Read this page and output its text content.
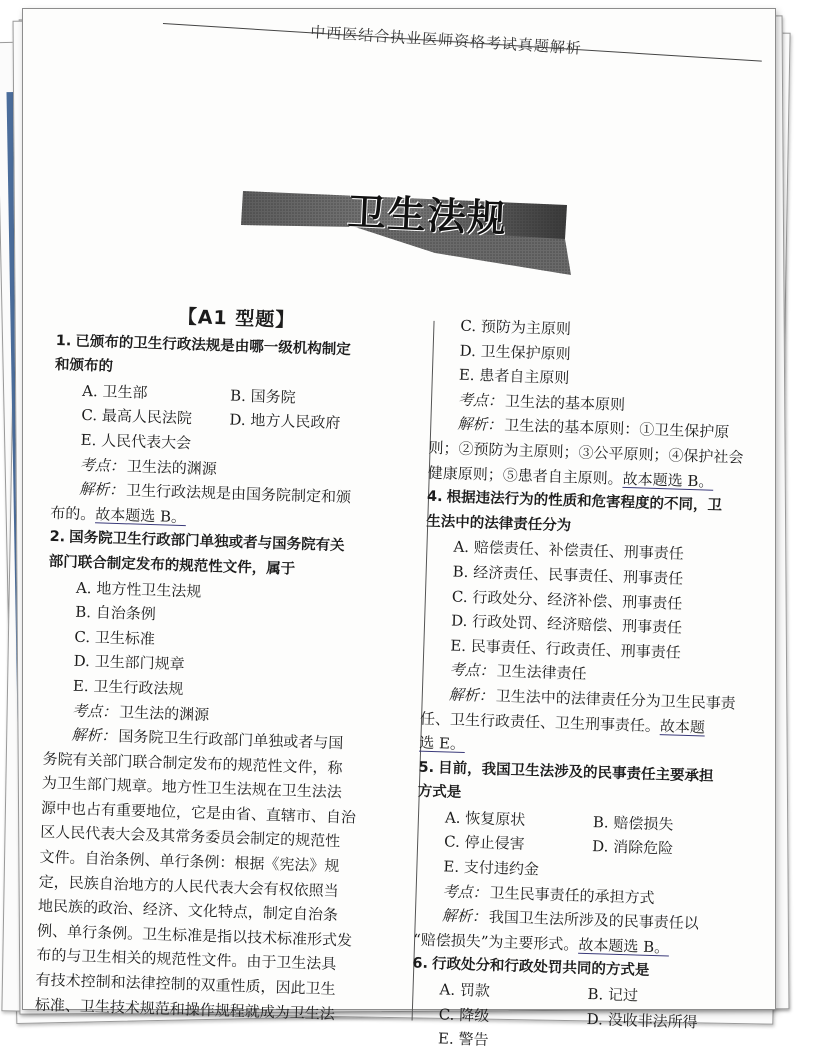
中西医结合执业医师资格考试真题解析
卫生法规
【A1 型题】
1. 已颁布的卫生行政法规是由哪一级机构制定
和颁布的
A. 卫生部	B. 国务院
C. 最高人民法院	D. 地方人民政府
E. 人民代表大会
考点：卫生法的渊源
解析：卫生行政法规是由国务院制定和颁
布的。故本题选 B。
2. 国务院卫生行政部门单独或者与国务院有关
部门联合制定发布的规范性文件，属于
A. 地方性卫生法规
B. 自治条例
C. 卫生标准
D. 卫生部门规章
E. 卫生行政法规
考点：卫生法的渊源
解析：国务院卫生行政部门单独或者与国
务院有关部门联合制定发布的规范性文件，称
为卫生部门规章。地方性卫生法规在卫生法法
源中也占有重要地位，它是由省、直辖市、自治
区人民代表大会及其常务委员会制定的规范性
文件。自治条例、单行条例：根据《宪法》规
定，民族自治地方的人民代表大会有权依照当
地民族的政治、经济、文化特点，制定自治条
例、单行条例。卫生标准是指以技术标准形式发
布的与卫生相关的规范性文件。由于卫生法具
有技术控制和法律控制的双重性质，因此卫生
标准、卫生技术规范和操作规程就成为卫生法
C. 预防为主原则
D. 卫生保护原则
E. 患者自主原则
考点：卫生法的基本原则
解析：卫生法的基本原则：①卫生保护原
则；②预防为主原则；③公平原则；④保护社会
健康原则；⑤患者自主原则。故本题选 B。
4. 根据违法行为的性质和危害程度的不同，卫
生法中的法律责任分为
A. 赔偿责任、补偿责任、刑事责任
B. 经济责任、民事责任、刑事责任
C. 行政处分、经济补偿、刑事责任
D. 行政处罚、经济赔偿、刑事责任
E. 民事责任、行政责任、刑事责任
考点：卫生法律责任
解析：卫生法中的法律责任分为卫生民事责
任、卫生行政责任、卫生刑事责任。故本题
选 E。
5. 目前，我国卫生法涉及的民事责任主要承担
方式是
A. 恢复原状	B. 赔偿损失
C. 停止侵害	D. 消除危险
E. 支付违约金
考点：卫生民事责任的承担方式
解析：我国卫生法所涉及的民事责任以
“赔偿损失”为主要形式。故本题选 B。
6. 行政处分和行政处罚共同的方式是
A. 罚款	B. 记过
C. 降级	D. 没收非法所得
E. 警告
